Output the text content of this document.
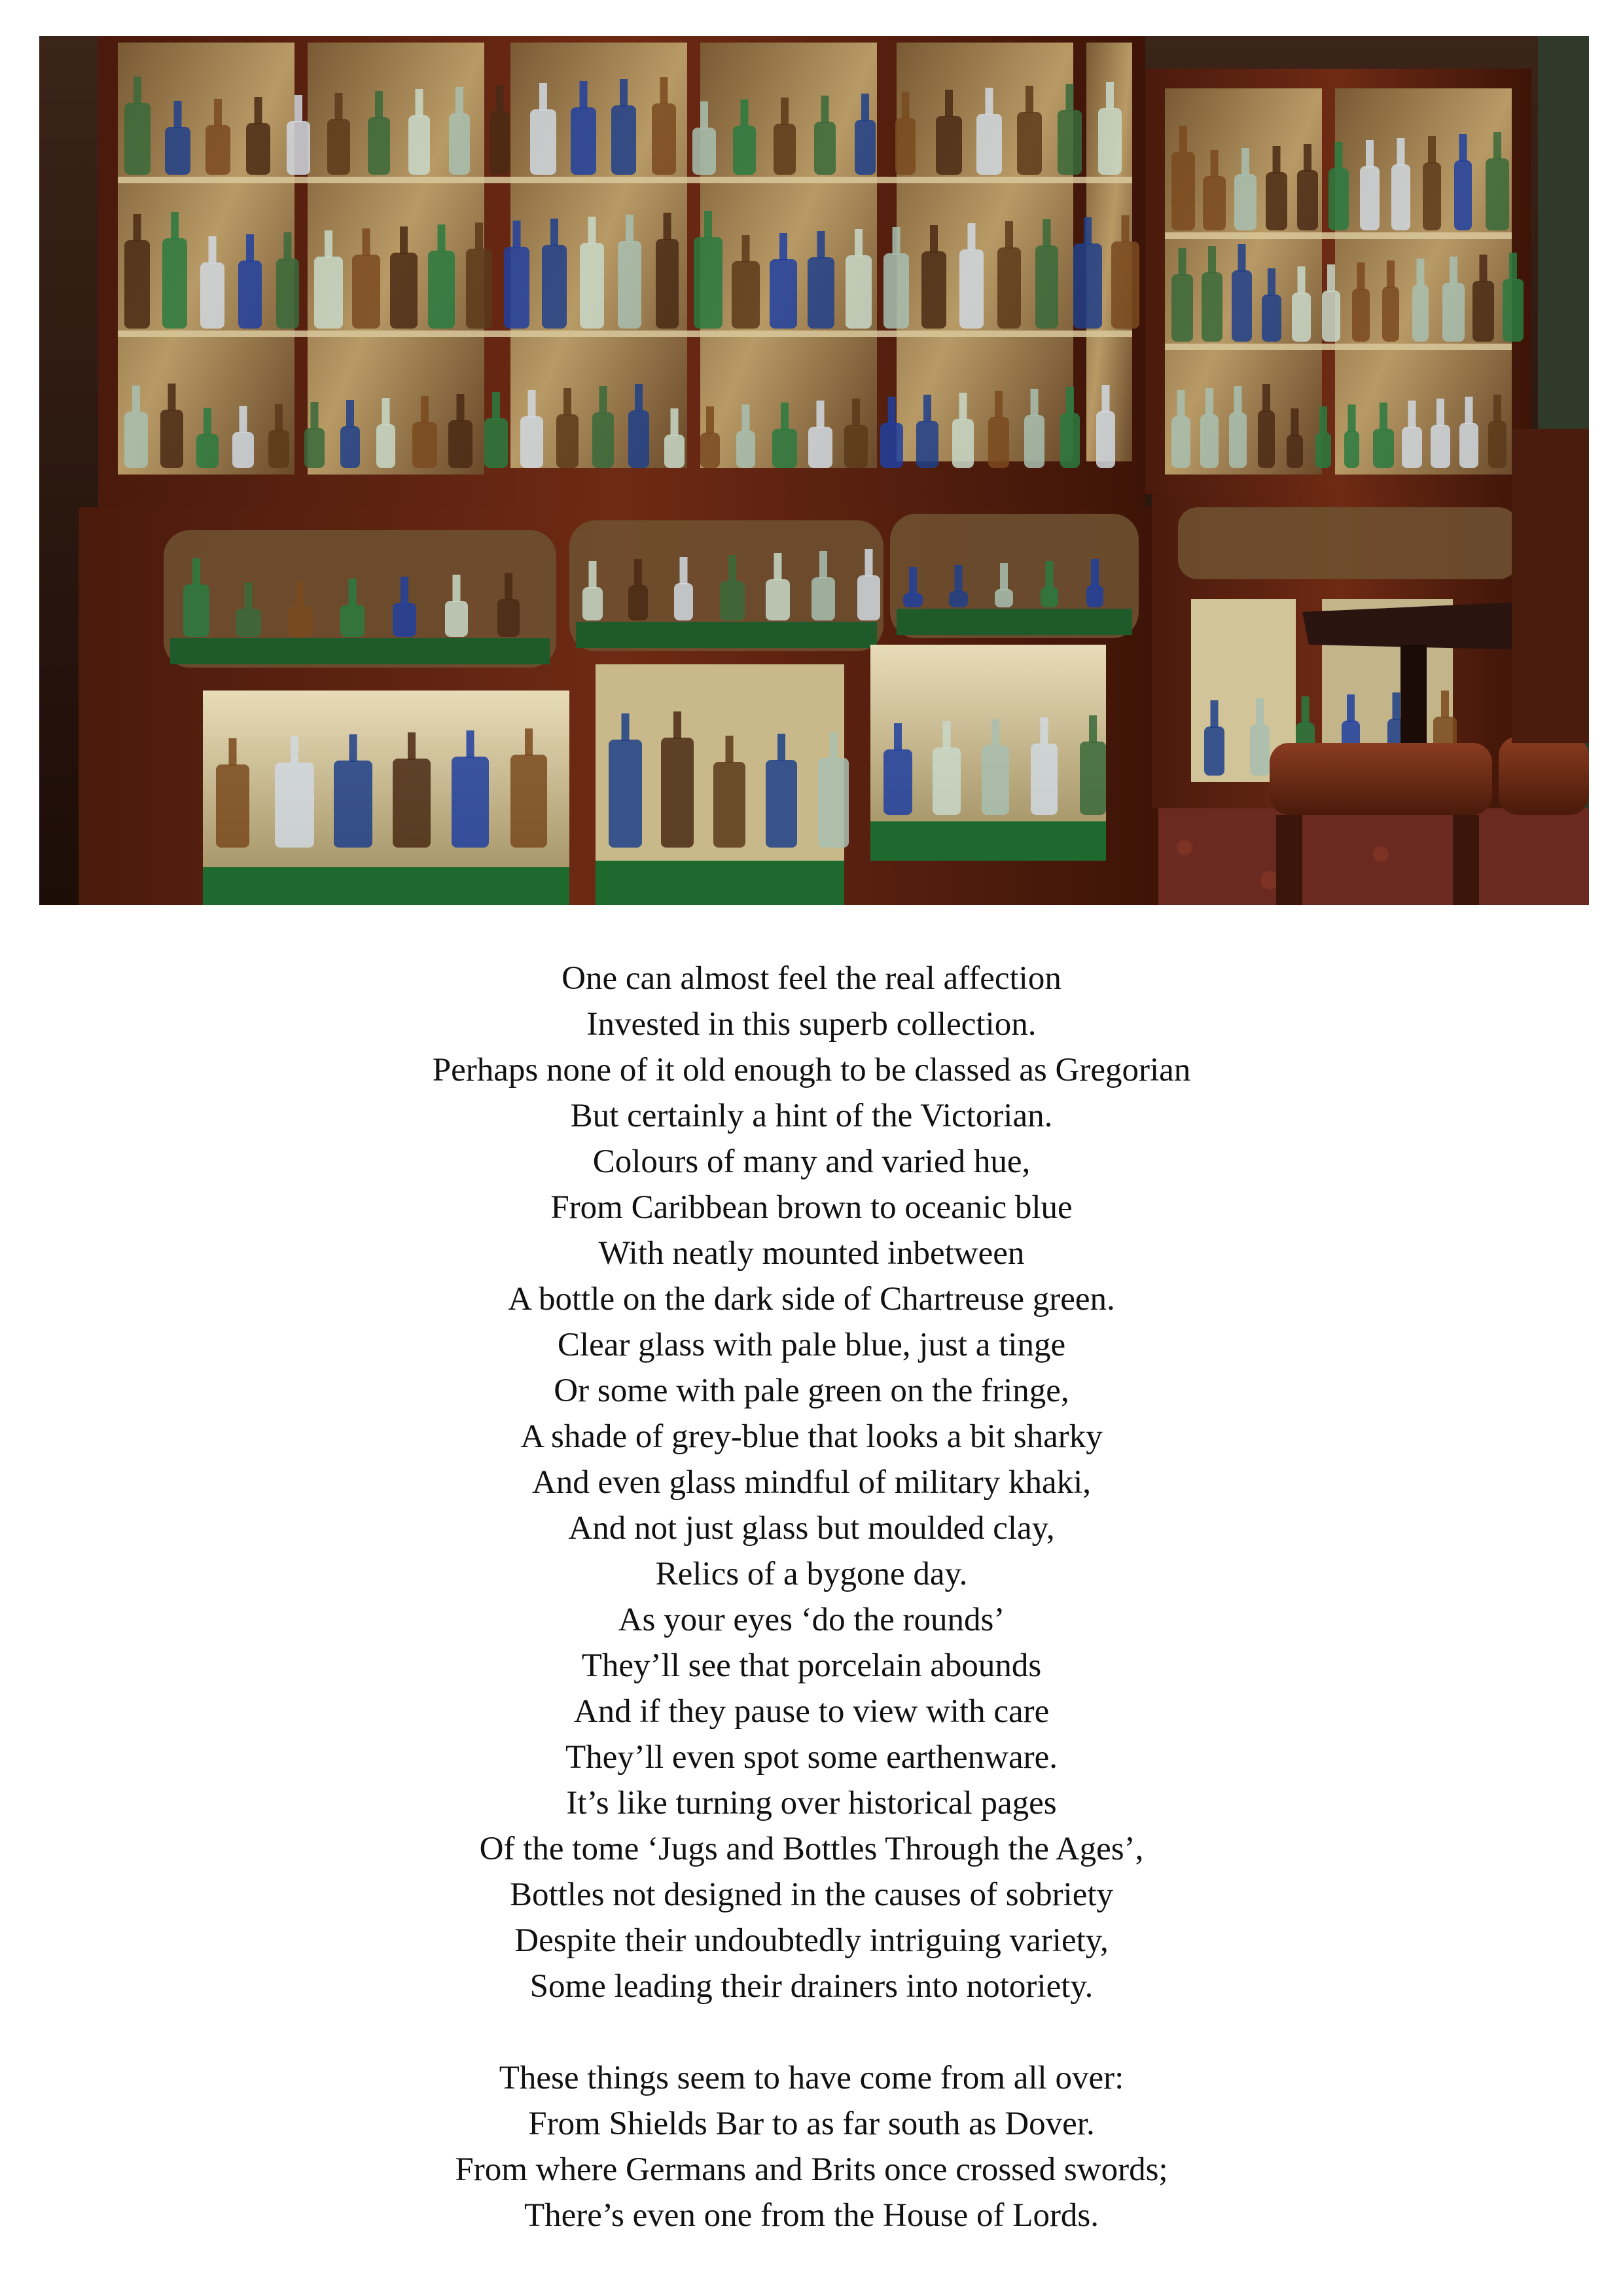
One can almost feel the real affection
Invested in this superb collection.
Perhaps none of it old enough to be classed as Gregorian
But certainly a hint of the Victorian.
Colours of many and varied hue,
From Caribbean brown to oceanic blue
With neatly mounted inbetween
A bottle on the dark side of Chartreuse green.
Clear glass with pale blue, just a tinge
Or some with pale green on the fringe,
A shade of grey-blue that looks a bit sharky
And even glass mindful of military khaki,
And not just glass but moulded clay,
Relics of a bygone day.
As your eyes ‘do the rounds’
They’ll see that porcelain abounds
And if they pause to view with care
They’ll even spot some earthenware.
It’s like turning over historical pages
Of the tome ‘Jugs and Bottles Through the Ages’,
Bottles not designed in the causes of sobriety
Despite their undoubtedly intriguing variety,
Some leading their drainers into notoriety.

These things seem to have come from all over:
From Shields Bar to as far south as Dover.
From where Germans and Brits once crossed swords;
There’s even one from the House of Lords.
